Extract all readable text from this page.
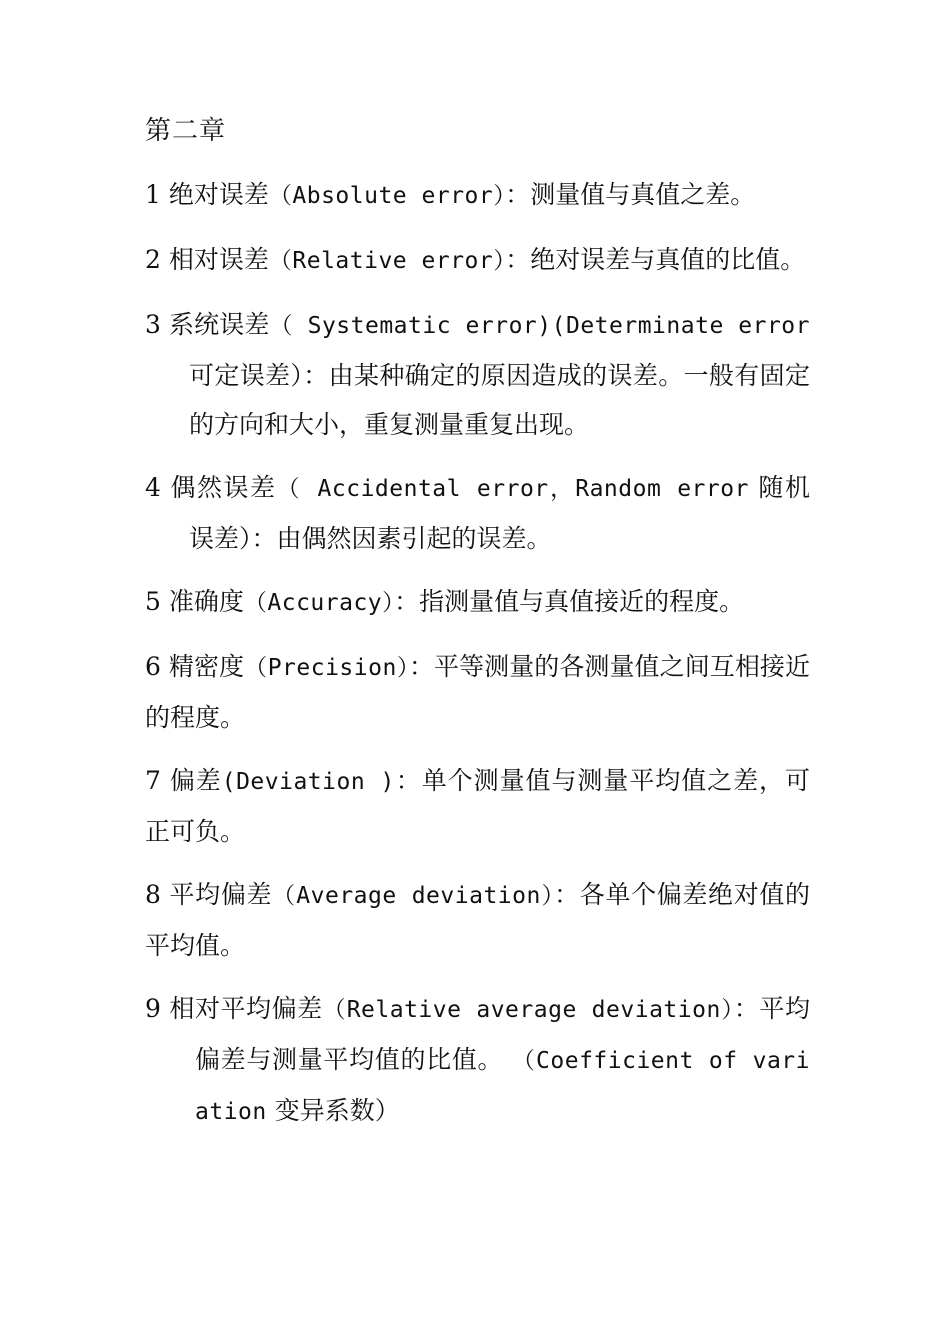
第二章
1 绝对误差（Absolute error）：测量值与真值之差。
2 相对误差（Relative error）：绝对误差与真值的比值。
3 系统误差（ Systematic error)(Determinate error 可定误差）：由某种确定的原因造成的误差。一般有固定的方向和大小，重复测量重复出现。
4 偶然误差（ Accidental error，Random error 随机误差）：由偶然因素引起的误差。
5 准确度（Accuracy）：指测量值与真值接近的程度。
6 精密度（Precision）：平等测量的各测量值之间互相接近的程度。
7 偏差(Deviation )：单个测量值与测量平均值之差，可正可负。
8 平均偏差（Average deviation）：各单个偏差绝对值的平均值。
9 相对平均偏差（Relative average deviation）：平均偏差与测量平均值的比值。 （Coefficient of variation 变异系数）
